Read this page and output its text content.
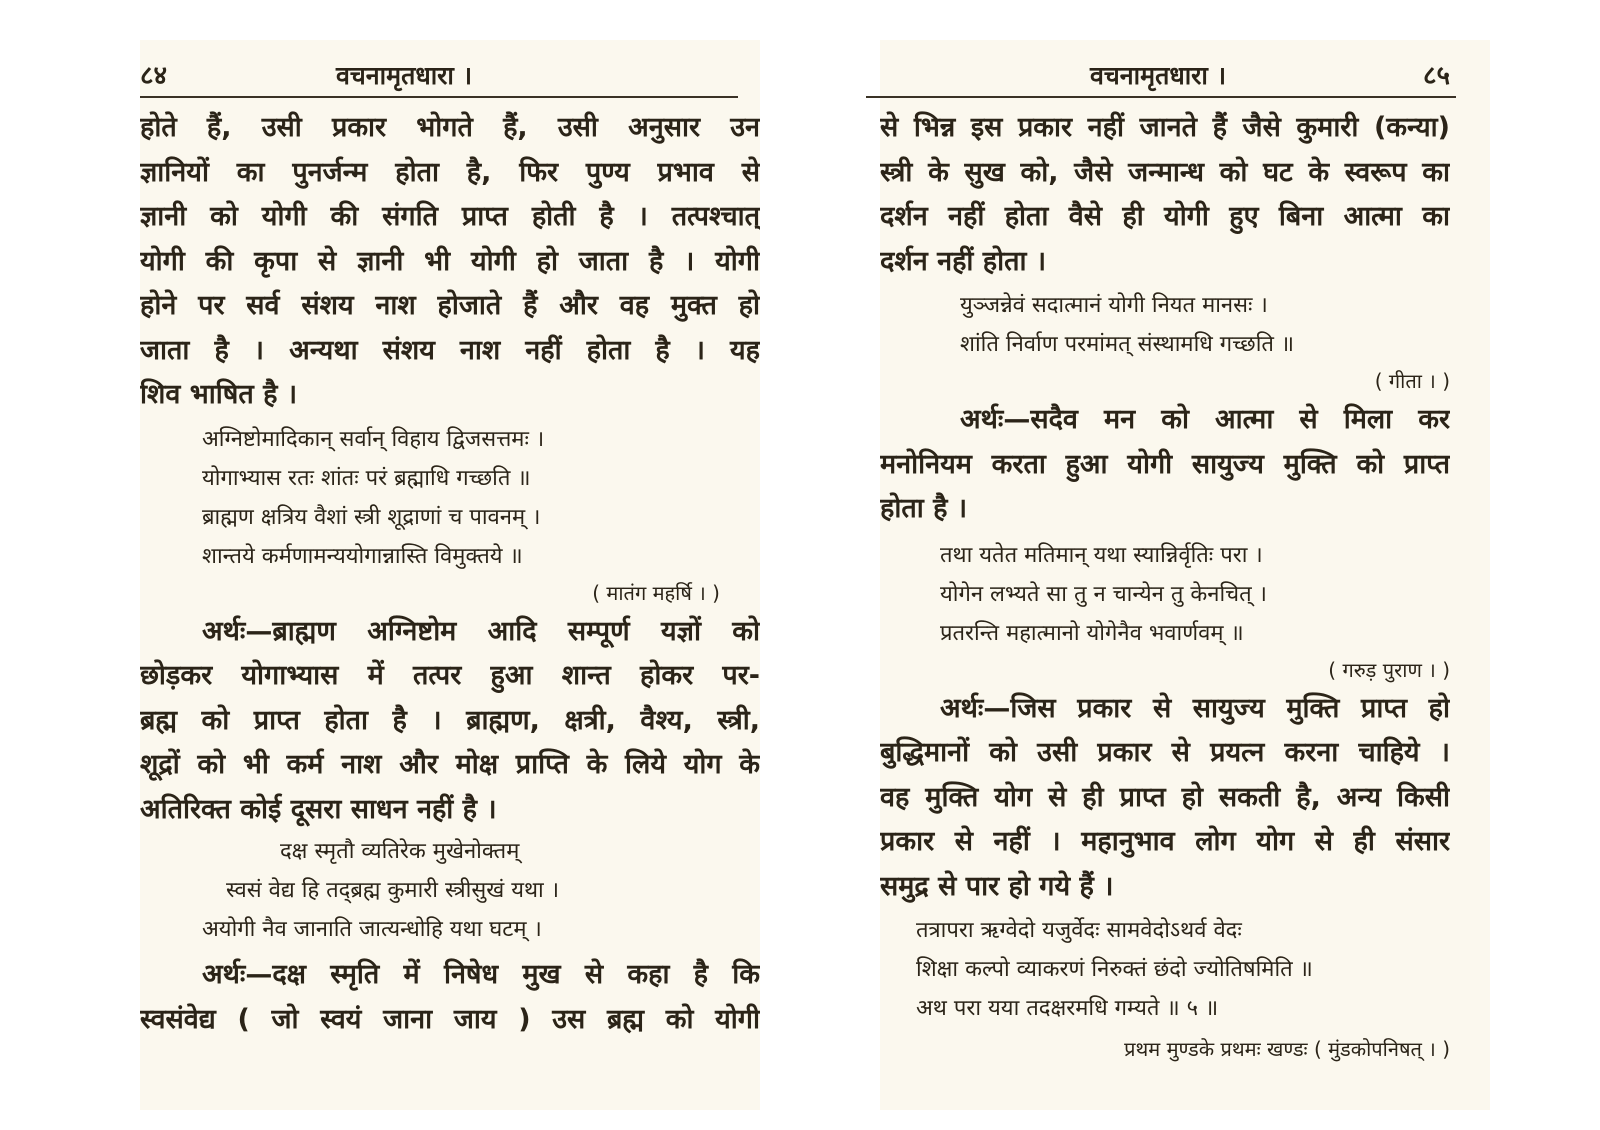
८४	वचनामृतधारा ।
होते हैं, उसी प्रकार भोगते हैं, उसी अनुसार उन
ज्ञानियों का पुनर्जन्म होता है, फिर पुण्य प्रभाव से
ज्ञानी को योगी की संगति प्राप्त होती है । तत्पश्चात्
योगी की कृपा से ज्ञानी भी योगी हो जाता है । योगी
होने पर सर्व संशय नाश होजाते हैं और वह मुक्त हो
जाता है । अन्यथा संशय नाश नहीं होता है । यह
शिव भाषित है ।
अग्निष्टोमादिकान् सर्वान् विहाय द्विजसत्तमः ।
योगाभ्यास रतः शांतः परं ब्रह्माधि गच्छति ॥
ब्राह्मण क्षत्रिय वैशां स्त्री शूद्राणां च पावनम् ।
शान्तये कर्मणामन्ययोगान्नास्ति विमुक्तये ॥
( मातंग महर्षि । )
अर्थः—ब्राह्मण अग्निष्टोम आदि सम्पूर्ण यज्ञों को
छोड़कर योगाभ्यास में तत्पर हुआ शान्त होकर पर-
ब्रह्म को प्राप्त होता है । ब्राह्मण, क्षत्री, वैश्य, स्त्री,
शूद्रों को भी कर्म नाश और मोक्ष प्राप्ति के लिये योग के
अतिरिक्त कोई दूसरा साधन नहीं है ।
दक्ष स्मृतौ व्यतिरेक मुखेनोक्तम्
स्वसं वेद्य हि तद्ब्रह्म कुमारी स्त्रीसुखं यथा ।
अयोगी नैव जानाति जात्यन्धोहि यथा घटम् ।
अर्थः—दक्ष स्मृति में निषेध मुख से कहा है कि
स्वसंवेद्य ( जो स्वयं जाना जाय ) उस ब्रह्म को योगी
वचनामृतधारा ।	८५
से भिन्न इस प्रकार नहीं जानते हैं जैसे कुमारी (कन्या)
स्त्री के सुख को, जैसे जन्मान्ध को घट के स्वरूप का
दर्शन नहीं होता वैसे ही योगी हुए बिना आत्मा का
दर्शन नहीं होता ।
युञ्जन्नेवं सदात्मानं योगी नियत मानसः ।
शांति निर्वाण परमांमत् संस्थामधि गच्छति ॥
( गीता । )
अर्थः—सदैव मन को आत्मा से मिला कर
मनोनियम करता हुआ योगी सायुज्य मुक्ति को प्राप्त
होता है ।
तथा यतेत मतिमान् यथा स्यान्निर्वृतिः परा ।
योगेन लभ्यते सा तु न चान्येन तु केनचित् ।
प्रतरन्ति महात्मानो योगेनैव भवार्णवम् ॥
( गरुड़ पुराण । )
अर्थः—जिस प्रकार से सायुज्य मुक्ति प्राप्त हो
बुद्धिमानों को उसी प्रकार से प्रयत्न करना चाहिये ।
वह मुक्ति योग से ही प्राप्त हो सकती है, अन्य किसी
प्रकार से नहीं । महानुभाव लोग योग से ही संसार
समुद्र से पार हो गये हैं ।
तत्रापरा ऋग्वेदो यजुर्वेदः सामवेदोऽथर्व वेदः
शिक्षा कल्पो व्याकरणं निरुक्तं छंदो ज्योतिषमिति ॥
अथ परा यया तदक्षरमधि गम्यते ॥ ५ ॥
प्रथम मुण्डके प्रथमः खण्डः ( मुंडकोपनिषत् । )
